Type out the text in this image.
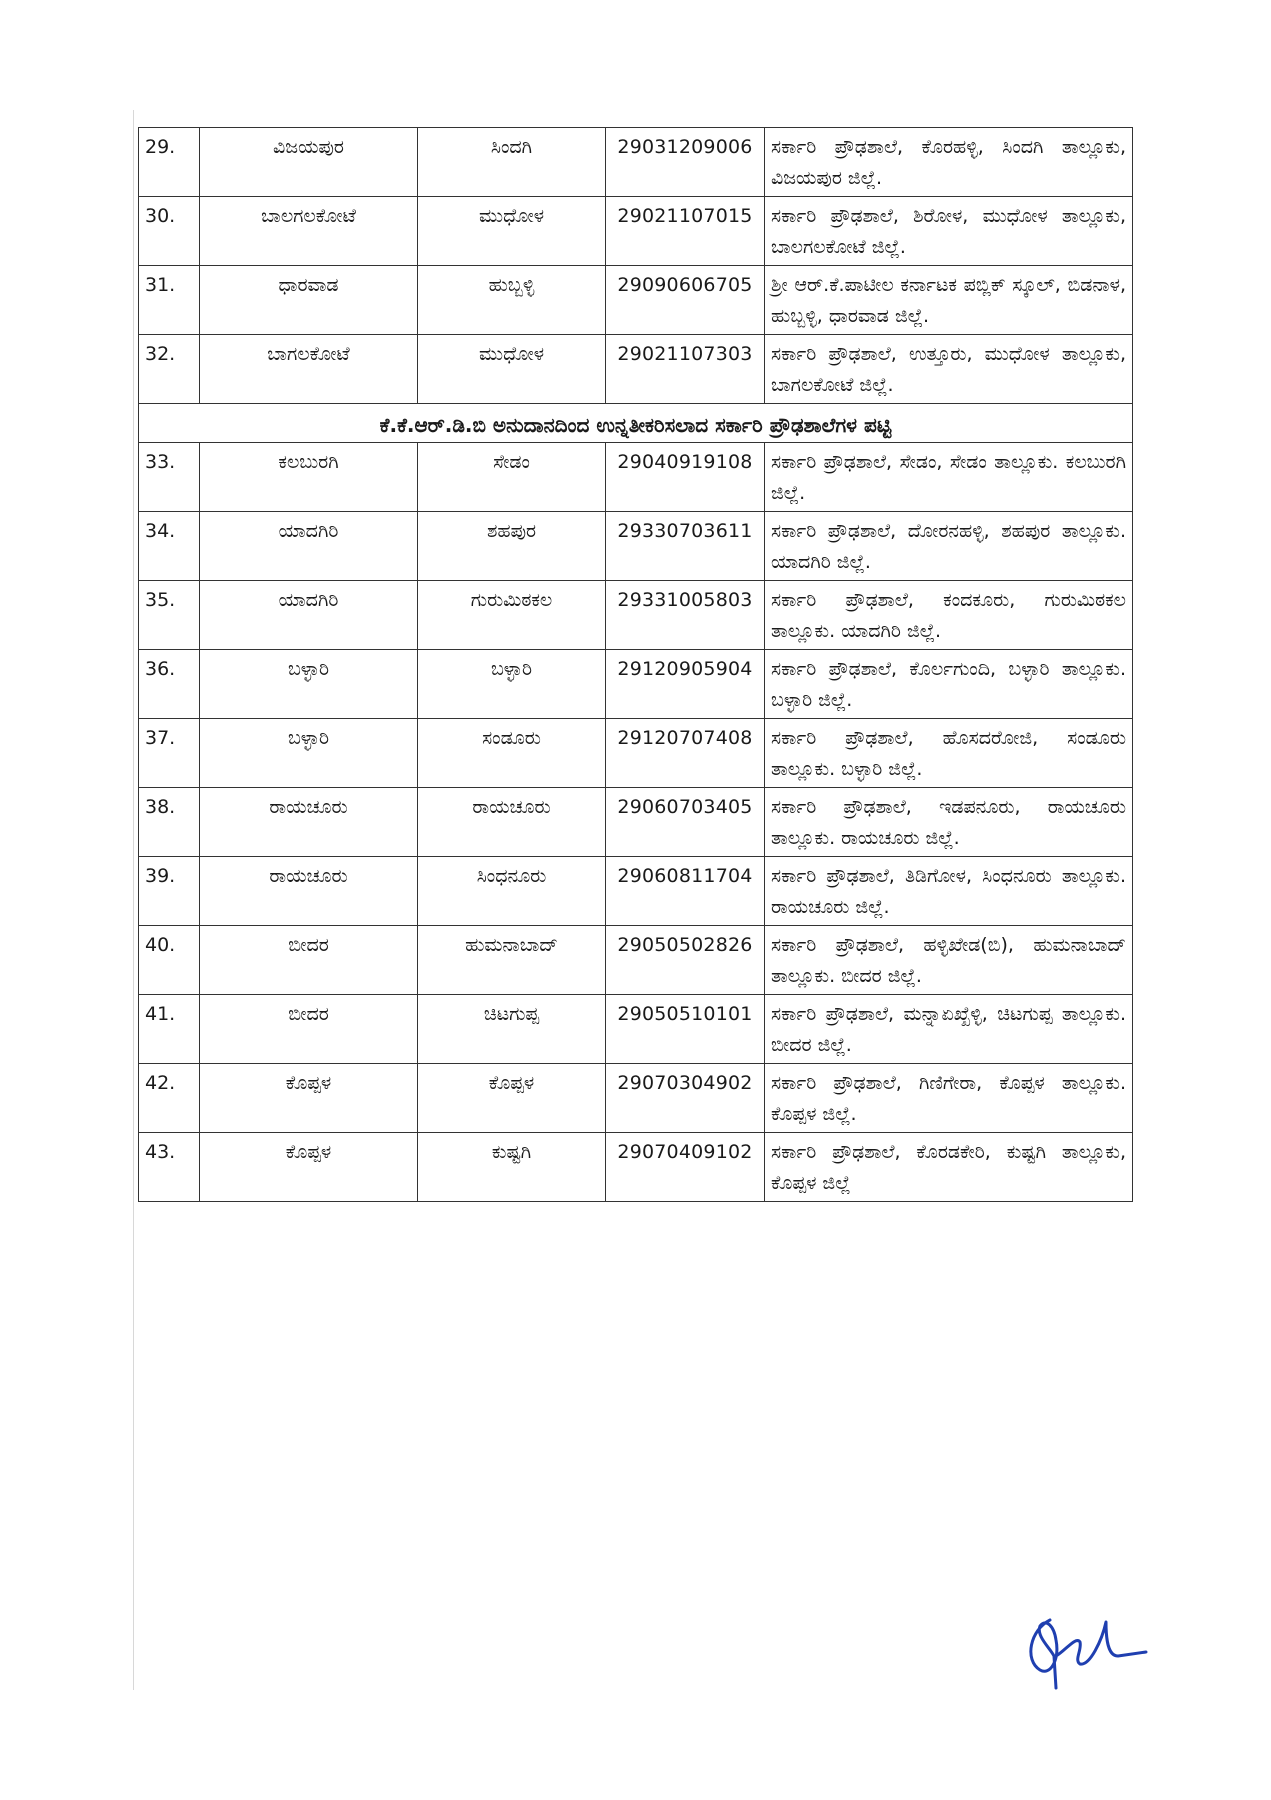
29.	ವಿಜಯಪುರ	ಸಿಂದಗಿ	29031209006	ಸರ್ಕಾರಿ ಪ್ರೌಢಶಾಲೆ, ಕೊರಹಳ್ಳಿ, ಸಿಂದಗಿ ತಾಲ್ಲೂಕು, ವಿಜಯಪುರ ಜಿಲ್ಲೆ.
30.	ಬಾಲಗಲಕೋಟೆ	ಮುಧೋಳ	29021107015	ಸರ್ಕಾರಿ ಪ್ರೌಢಶಾಲೆ, ಶಿರೋಳ, ಮುಧೋಳ ತಾಲ್ಲೂಕು, ಬಾಲಗಲಕೋಟೆ ಜಿಲ್ಲೆ.
31.	ಧಾರವಾಡ	ಹುಬ್ಬಳ್ಳಿ	29090606705	ಶ್ರೀ ಆರ್.ಕೆ.ಪಾಟೀಲ ಕರ್ನಾಟಕ ಪಬ್ಲಿಕ್ ಸ್ಕೂಲ್, ಬಿಡನಾಳ, ಹುಬ್ಬಳ್ಳಿ, ಧಾರವಾಡ ಜಿಲ್ಲೆ.
32.	ಬಾಗಲಕೋಟೆ	ಮುಧೋಳ	29021107303	ಸರ್ಕಾರಿ ಪ್ರೌಢಶಾಲೆ, ಉತ್ತೂರು, ಮುಧೋಳ ತಾಲ್ಲೂಕು, ಬಾಗಲಕೋಟೆ ಜಿಲ್ಲೆ.
ಕೆ.ಕೆ.ಆರ್.ಡಿ.ಬಿ ಅನುದಾನದಿಂದ ಉನ್ನತೀಕರಿಸಲಾದ ಸರ್ಕಾರಿ ಪ್ರೌಢಶಾಲೆಗಳ ಪಟ್ಟಿ				
33.	ಕಲಬುರಗಿ	ಸೇಡಂ	29040919108	ಸರ್ಕಾರಿ ಪ್ರೌಢಶಾಲೆ, ಸೇಡಂ, ಸೇಡಂ ತಾಲ್ಲೂಕು. ಕಲಬುರಗಿ ಜಿಲ್ಲೆ.
34.	ಯಾದಗಿರಿ	ಶಹಪುರ	29330703611	ಸರ್ಕಾರಿ ಪ್ರೌಢಶಾಲೆ, ದೋರನಹಳ್ಳಿ, ಶಹಪುರ ತಾಲ್ಲೂಕು. ಯಾದಗಿರಿ ಜಿಲ್ಲೆ.
35.	ಯಾದಗಿರಿ	ಗುರುಮಿಠಕಲ	29331005803	ಸರ್ಕಾರಿ ಪ್ರೌಢಶಾಲೆ, ಕಂದಕೂರು, ಗುರುಮಿಠಕಲ ತಾಲ್ಲೂಕು. ಯಾದಗಿರಿ ಜಿಲ್ಲೆ.
36.	ಬಳ್ಳಾರಿ	ಬಳ್ಳಾರಿ	29120905904	ಸರ್ಕಾರಿ ಪ್ರೌಢಶಾಲೆ, ಕೊರ್ಲಗುಂದಿ, ಬಳ್ಳಾರಿ ತಾಲ್ಲೂಕು. ಬಳ್ಳಾರಿ ಜಿಲ್ಲೆ.
37.	ಬಳ್ಳಾರಿ	ಸಂಡೂರು	29120707408	ಸರ್ಕಾರಿ ಪ್ರೌಢಶಾಲೆ, ಹೊಸದರೋಜಿ, ಸಂಡೂರು ತಾಲ್ಲೂಕು. ಬಳ್ಳಾರಿ ಜಿಲ್ಲೆ.
38.	ರಾಯಚೂರು	ರಾಯಚೂರು	29060703405	ಸರ್ಕಾರಿ ಪ್ರೌಢಶಾಲೆ, ಇಡಪನೂರು, ರಾಯಚೂರು ತಾಲ್ಲೂಕು. ರಾಯಚೂರು ಜಿಲ್ಲೆ.
39.	ರಾಯಚೂರು	ಸಿಂಧನೂರು	29060811704	ಸರ್ಕಾರಿ ಪ್ರೌಢಶಾಲೆ, ತಿಡಿಗೋಳ, ಸಿಂಧನೂರು ತಾಲ್ಲೂಕು. ರಾಯಚೂರು ಜಿಲ್ಲೆ.
40.	ಬೀದರ	ಹುಮನಾಬಾದ್	29050502826	ಸರ್ಕಾರಿ ಪ್ರೌಢಶಾಲೆ, ಹಳ್ಳಿಖೇಡ(ಬಿ), ಹುಮನಾಬಾದ್ ತಾಲ್ಲೂಕು. ಬೀದರ ಜಿಲ್ಲೆ.
41.	ಬೀದರ	ಚಿಟಗುಪ್ಪ	29050510101	ಸರ್ಕಾರಿ ಪ್ರೌಢಶಾಲೆ, ಮನ್ನಾಏಖ್ಖೆಳ್ಳಿ, ಚಿಟಗುಪ್ಪ ತಾಲ್ಲೂಕು. ಬೀದರ ಜಿಲ್ಲೆ.
42.	ಕೊಪ್ಪಳ	ಕೊಪ್ಪಳ	29070304902	ಸರ್ಕಾರಿ ಪ್ರೌಢಶಾಲೆ, ಗಿಣಿಗೇರಾ, ಕೊಪ್ಪಳ ತಾಲ್ಲೂಕು. ಕೊಪ್ಪಳ ಜಿಲ್ಲೆ.
43.	ಕೊಪ್ಪಳ	ಕುಷ್ಟಗಿ	29070409102	ಸರ್ಕಾರಿ ಪ್ರೌಢಶಾಲೆ, ಕೊರಡಕೇರಿ, ಕುಷ್ಟಗಿ ತಾಲ್ಲೂಕು, ಕೊಪ್ಪಳ ಜಿಲ್ಲೆ
